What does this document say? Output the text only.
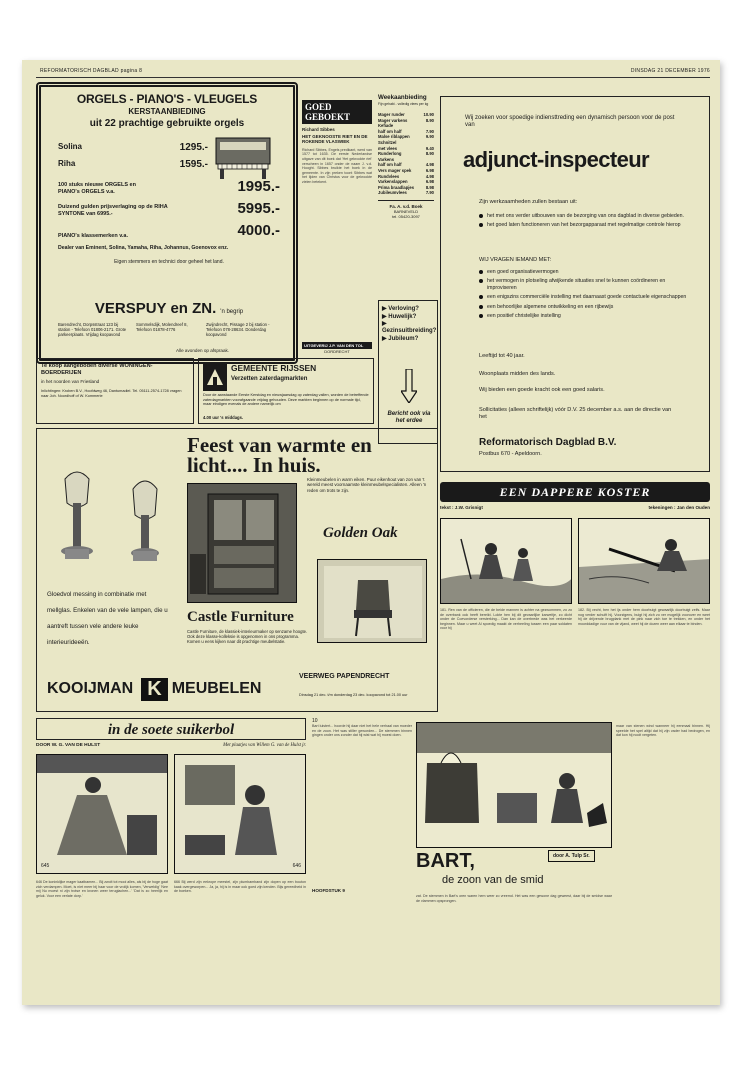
REFORMATORISCH DAGBLAD pagina 8	DINSDAG 21 DECEMBER 1976
ORGELS - PIANO'S - VLEUGELS
KERSTAANBIEDING
uit 22 prachtige gebruikte orgels
Solina	1295.-
Riha	1595.-
100 stuks nieuwe ORGELS en PIANO's ORGELS v.a.	1995.-
Duizend gulden prijsverlaging op de RIHA SYNTONE van 6995.-	5995.-
PIANO's klassemerken v.a.	4000.-
Dealer van Eminent, Solina, Yamaha, Riha, Johannus, Goenovox enz.
Eigen stemmers en technici door geheel het land.
VERSPUY en ZN. 'n begrip
Barendrecht, Dorpsstraat 123 bij station - Telefoon 01806-2171. Grote parkeerplaats. Vrijdag koopavond
Sommelsdijk, Molendreef 8, Telefoon 01878-4776
Zwijndrecht, Pissage 2 bij station - Telefoon 078-28634. Donderdag koopavond
Alle avonden op afspraak.
GOED GEBOEKT
Richard Sibbes
HET GEKNOOSTE RIET EN DE ROKENDE VLASWIEK
Richard Sibbes, Engels predikant, werd van 1577 tot 1635. De eerste Nederlandse uitgave van dit boek dat 'Het gekrookte riet' verscheen in 1657 onder de naam J. v.d. Hooght. Sibbes bruikte het boek in de gemeente. In zijn preken toont Sibbes wat het lijden van Christus voor de gekrookte zielen betekent.
UITGEVERIJ J.P. VAN DEN TOL
DORDRECHT
Weekaanbieding
Fijn gehakt - volledig vlees per kg
Mager runder	10.90
Mager varkens	8.90
Kefiade
half om half	7.90
Malse riblappen	9.90
Schnitzel
met vlees	9.40
Runderlong	8.90
Varkens
half om half	4.98
Vers mager spek	6.98
Rundvlees	4.98
Varkenslappen	6.98
Prima braadlapjes	8.98
Jubileumvlees	7.90
Fa. A. v.d. Boek
BARNEVELD
tel. 05420-3097
▶ Verloving?
▶ Huwelijk?
▶ Gezinsuitbreiding?
▶ Jubileum?
Bericht ook via het erdee
Wij zoeken voor spoedige indiensttreding een dynamisch persoon voor de post van
adjunct-inspecteur
Zijn werkzaamheden zullen bestaan uit:
het met ons verder uitbouwen van de bezorging van ons dagblad in diverse gebieden.
het goed laten functioneren van het bezorgapparaat met regelmatige controle hierop
WIJ VRAGEN IEMAND MET:
een goed organisatievermogen
het vermogen in plotseling afwijkende situaties snel te kunnen coördineren en improviseren
een enigszins commerciële instelling met daarnaast goede contactuele eigenschappen
een behoorlijke algemene ontwikkeling en een rijbewijs
een positief christelijke instelling
Leeftijd tot 40 jaar.
Woonplaats midden des lands.
Wij bieden een goede kracht ook een goed salaris.
Sollicitaties (alleen schriftelijk) vóór D.V. 25 december a.s. aan de directie van het
Reformatorisch Dagblad B.V.
Postbus 670 - Apeldoorn.
Te koop aangeboden diverse WONINGEN-BOERDERIJEN
in het noorden van Friesland
Inlichtingen: Kroben B.V., Hoofdweg 46, Dantumadiel. Tel. 05111-2574-1728 vragen naar Joh. Noordhoff of W. Kommerie
GEMEENTE RIJSSEN
Verzetten zaterdagmarkten
Door de aanstaande Eerste Kerstdag en nieuwjaarsdag op zaterdag vallen, worden de betreffende zaterdagmarkten voorafgaande vrijdag gehouden. Deze markten beginnen op de normale tijd, maar eindigen evenals de andere namelijk om
4.00 uur 's middags.
Feest van warmte en licht.... In huis.
Gloedvol messing in combinatie met mellglas. Enkelen van de vele lampen, die u aantreft tussen vele andere leuke interieurideeën.
Kleinmeubelen in warm eiken. Puur eikenhout van zon van 't wereld meest voornaamste kleinmeubelspecialisten. Alleen 'n reden om trots te zijn.
Golden Oak
Castle Furniture
Castle Furniture, de klassiek-interieurmaker op senzame hoogte. Ook deze klasse-kolleksie is opgenomen in ons programma. Komen u eens kijken naar dit prachtige meubelstatie.
KOOIJMAN K MEUBELEN
VEERWEG PAPENDRECHT
Dinsdag 21 dec. t/m donderdag 23 dec. koopavond tot 21.00 uur
EEN DAPPERE KOSTER
tekst : J.W. Grisnigt	tekeningen : Jan den Ouden
181. Ren van de officieren, die de beide mannen is achter na gezwommen, zo zo de overbank ook heeft bereikt. Lokte hen bij dit gevaarlijke karweitje, zo dicht onder de Coevorderse versterking... Dan kan de overbrede was het verkeerde beginnen. Maar u weet Al spoedig maakt de verheeling tussen een paar soldaten voor hij
182. Bij vecht, ben het ijs onder hem doorbuigt gewaarlijk doorbuigt zelfs. Maar nog verder schuift hij. Voorzigens, buigt hij zich zo ver mogelijk voorover en weet hij de drijvende brugplank met de pink naar zich toe te trekken, en onder het moorddadige vuur van de vijand, weet hij de dozen weer aan elkaar te binden.
in de soete suikerbol
DOOR W. G. VAN DE HULST	Met plaatjes van Willem G. van de Hulst jr.
645	646
646 De koninklijke mager kaatbamen... Bij zwolt tot mooi alles, als bij de hoge gaat zich verdampen. Moet, is niet meer bij haar voor de vrolijk komen, 'Verweldig' 'Nee mij Nu moest ni zijn trotse en kronen weer teruglachen...' 'Dat is zo heerlijk en geluk. Voor een verlate dorp.'
666 Bij werd zijn eekrope meestel, zijn plumbamband zijn dopen op een bouton kaak overgeworpen... Ja, ja, hij is in maar ook goed zijn kenden. Bijs gereedheid in de boeken.
10
Bart luistert... hoorde hij daar niet het hele verhaal van moeder en de zoon. Het was stiller geworden... De stemmen binnen gingen onder ons zonder dat hij wist wat hij moest doen.
BART,
de zoon van de smid
door A. Tulp Sr.
HOOFDSTUK 9
zat. De stemmen in Bart's oren waren hem weer zo vreemd. Het was een gewone dag geweest, daar bij de smidse waar de vlammen opsprongen.
maar van stenen wind wanneer hij eenmaal binnen. Hij speelde het spel altijd dat hij zijn vader had bedrogen, en dat kon hij nooit vergeten.
